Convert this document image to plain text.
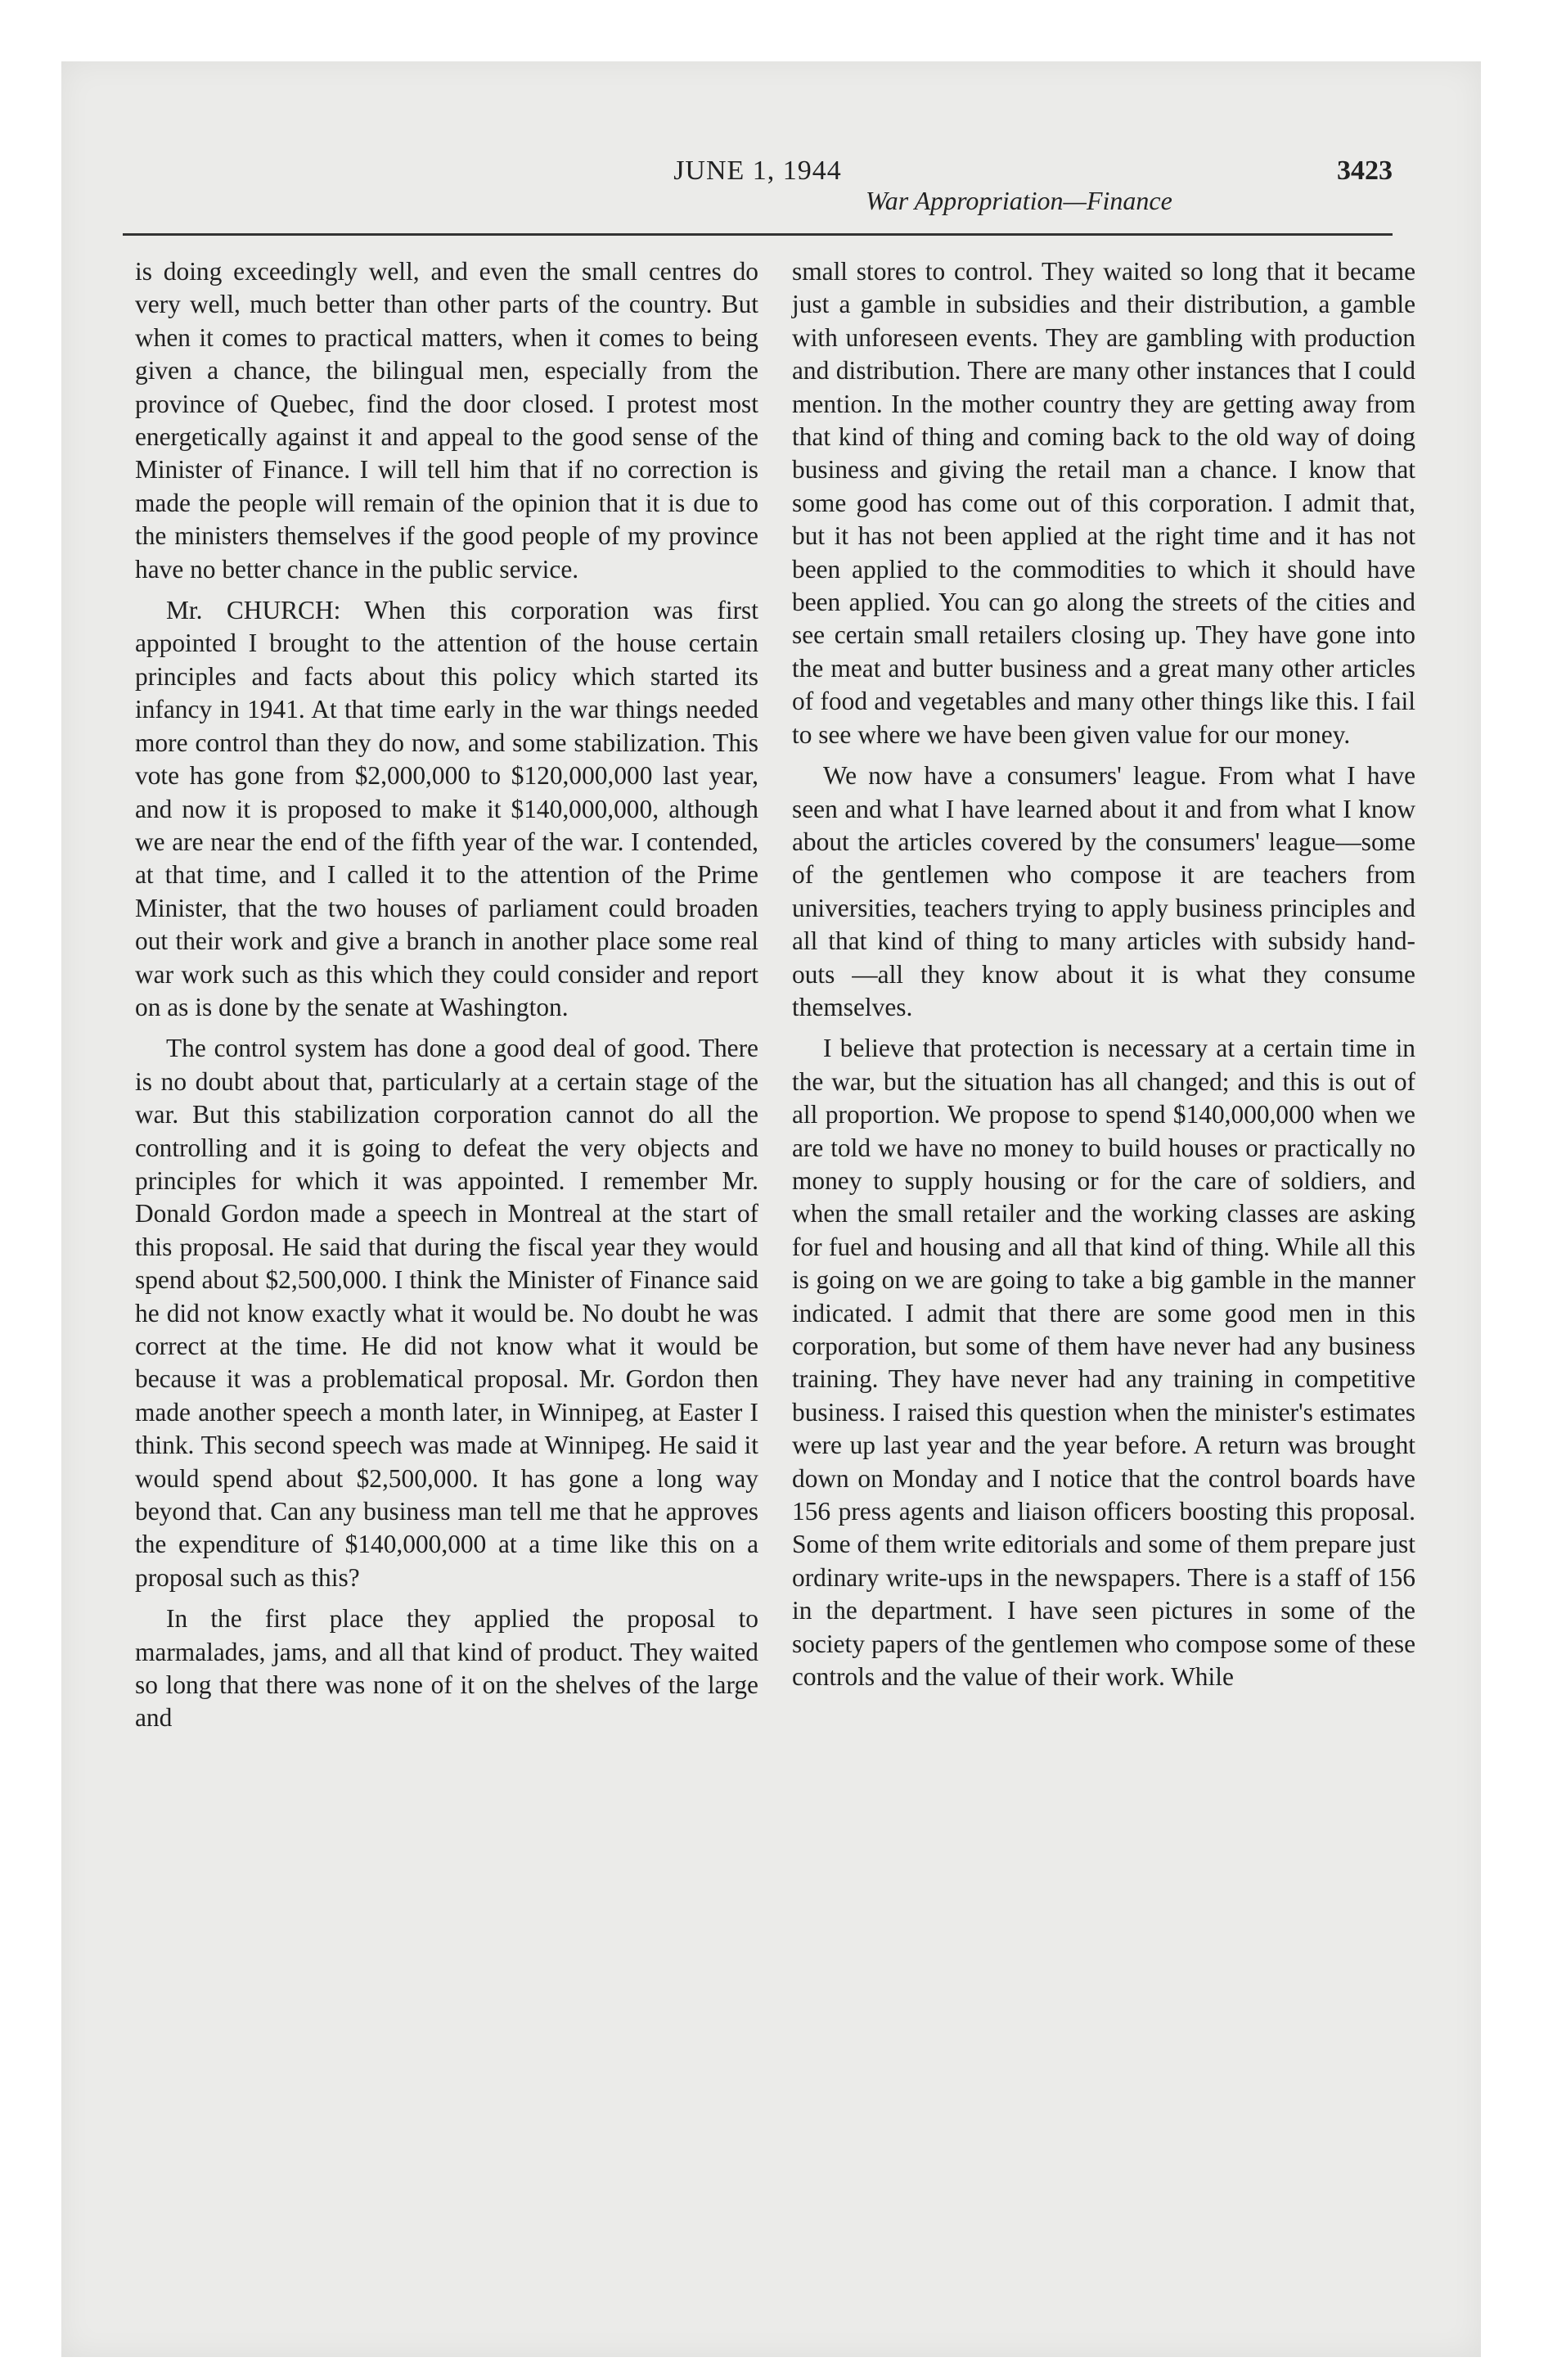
JUNE 1, 1944
War Appropriation—Finance
3423

is doing exceedingly well, and even the small centres do very well, much better than other parts of the country. But when it comes to practical matters, when it comes to being given a chance, the bilingual men, especially from the province of Quebec, find the door closed. I protest most energetically against it and appeal to the good sense of the Minister of Finance. I will tell him that if no correction is made the people will remain of the opinion that it is due to the ministers themselves if the good people of my province have no better chance in the public service.

Mr. CHURCH: When this corporation was first appointed I brought to the attention of the house certain principles and facts about this policy which started its infancy in 1941. At that time early in the war things needed more control than they do now, and some stabilization. This vote has gone from $2,000,000 to $120,000,000 last year, and now it is proposed to make it $140,000,000, although we are near the end of the fifth year of the war. I contended, at that time, and I called it to the attention of the Prime Minister, that the two houses of parliament could broaden out their work and give a branch in another place some real war work such as this which they could consider and report on as is done by the senate at Washington.

The control system has done a good deal of good. There is no doubt about that, particularly at a certain stage of the war. But this stabilization corporation cannot do all the controlling and it is going to defeat the very objects and principles for which it was appointed. I remember Mr. Donald Gordon made a speech in Montreal at the start of this proposal. He said that during the fiscal year they would spend about $2,500,000. I think the Minister of Finance said he did not know exactly what it would be. No doubt he was correct at the time. He did not know what it would be because it was a problematical proposal. Mr. Gordon then made another speech a month later, in Winnipeg, at Easter I think. This second speech was made at Winnipeg. He said it would spend about $2,500,000. It has gone a long way beyond that. Can any business man tell me that he approves the expenditure of $140,000,000 at a time like this on a proposal such as this?

In the first place they applied the proposal to marmalades, jams, and all that kind of product. They waited so long that there was none of it on the shelves of the large and

small stores to control. They waited so long that it became just a gamble in subsidies and their distribution, a gamble with unforeseen events. They are gambling with production and distribution. There are many other instances that I could mention. In the mother country they are getting away from that kind of thing and coming back to the old way of doing business and giving the retail man a chance. I know that some good has come out of this corporation. I admit that, but it has not been applied at the right time and it has not been applied to the commodities to which it should have been applied. You can go along the streets of the cities and see certain small retailers closing up. They have gone into the meat and butter business and a great many other articles of food and vegetables and many other things like this. I fail to see where we have been given value for our money.

We now have a consumers' league. From what I have seen and what I have learned about it and from what I know about the articles covered by the consumers' league—some of the gentlemen who compose it are teachers from universities, teachers trying to apply business principles and all that kind of thing to many articles with subsidy hand-outs —all they know about it is what they consume themselves.

I believe that protection is necessary at a certain time in the war, but the situation has all changed; and this is out of all proportion. We propose to spend $140,000,000 when we are told we have no money to build houses or practically no money to supply housing or for the care of soldiers, and when the small retailer and the working classes are asking for fuel and housing and all that kind of thing. While all this is going on we are going to take a big gamble in the manner indicated. I admit that there are some good men in this corporation, but some of them have never had any business training. They have never had any training in competitive business. I raised this question when the minister's estimates were up last year and the year before. A return was brought down on Monday and I notice that the control boards have 156 press agents and liaison officers boosting this proposal. Some of them write editorials and some of them prepare just ordinary write-ups in the newspapers. There is a staff of 156 in the department. I have seen pictures in some of the society papers of the gentlemen who compose some of these controls and the value of their work. While
